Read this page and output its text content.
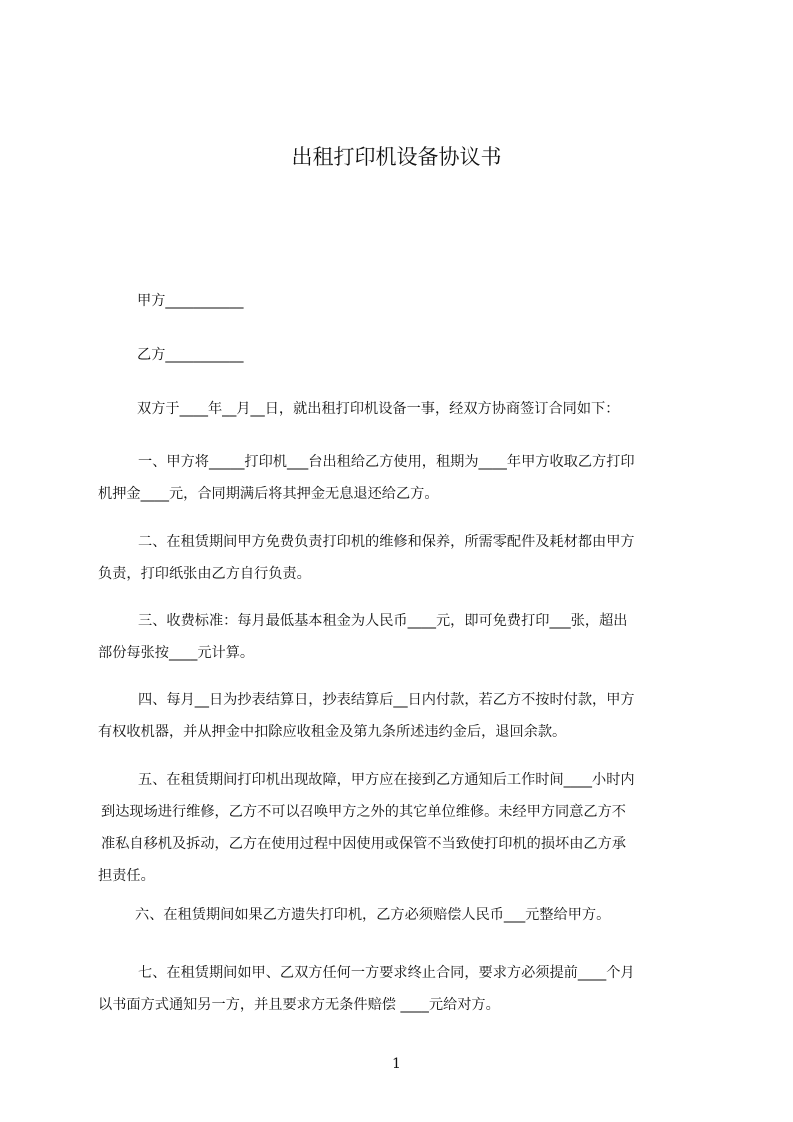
出租打印机设备协议书
甲方___________
乙方___________
双方于____年__月__日，就出租打印机设备一事，经双方协商签订合同如下：
一、甲方将_____打印机___台出租给乙方使用，租期为____年甲方收取乙方打印
机押金____元，合同期满后将其押金无息退还给乙方。
二、在租赁期间甲方免费负责打印机的维修和保养，所需零配件及耗材都由甲方
负责，打印纸张由乙方自行负责。
三、收费标准：每月最低基本租金为人民币____元，即可免费打印___张，超出
部份每张按____元计算。
四、每月__日为抄表结算日，抄表结算后__日内付款，若乙方不按时付款，甲方
有权收机器，并从押金中扣除应收租金及第九条所述违约金后，退回余款。
五、在租赁期间打印机出现故障，甲方应在接到乙方通知后工作时间____小时内
到达现场进行维修，乙方不可以召唤甲方之外的其它单位维修。未经甲方同意乙方不
准私自移机及拆动，乙方在使用过程中因使用或保管不当致使打印机的损坏由乙方承
担责任。
六、在租赁期间如果乙方遗失打印机，乙方必须赔偿人民币___元整给甲方。
七、在租赁期间如甲、乙双方任何一方要求终止合同，要求方必须提前____个月
以书面方式通知另一方，并且要求方无条件赔偿 ____元给对方。
1
